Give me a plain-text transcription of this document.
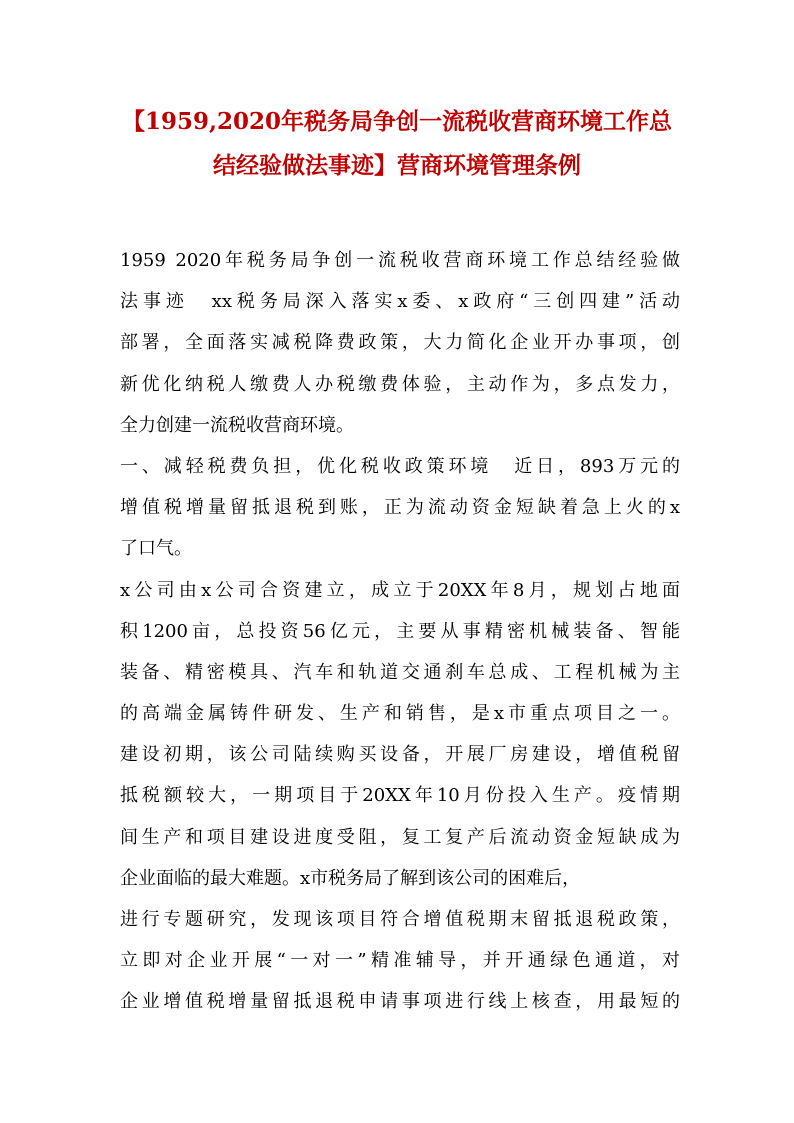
【1959,2020年税务局争创一流税收营商环境工作总
结经验做法事迹】营商环境管理条例
1959 2020年税务局争创一流税收营商环境工作总结经验做
法事迹　xx税务局深入落实x委、x政府“三创四建”活动
部署，全面落实减税降费政策，大力简化企业开办事项，创
新优化纳税人缴费人办税缴费体验，主动作为，多点发力，
全力创建一流税收营商环境。
一、减轻税费负担，优化税收政策环境　近日，893万元的
增值税增量留抵退税到账，正为流动资金短缺着急上火的x
了口气。
x公司由x公司合资建立，成立于20XX年8月，规划占地面
积1200亩，总投资56亿元，主要从事精密机械装备、智能
装备、精密模具、汽车和轨道交通刹车总成、工程机械为主
的高端金属铸件研发、生产和销售，是x市重点项目之一。
建设初期，该公司陆续购买设备，开展厂房建设，增值税留
抵税额较大，一期项目于20XX年10月份投入生产。疫情期
间生产和项目建设进度受阻，复工复产后流动资金短缺成为
企业面临的最大难题。x市税务局了解到该公司的困难后，
进行专题研究，发现该项目符合增值税期末留抵退税政策，
立即对企业开展“一对一”精准辅导，并开通绿色通道，对
企业增值税增量留抵退税申请事项进行线上核查，用最短的
